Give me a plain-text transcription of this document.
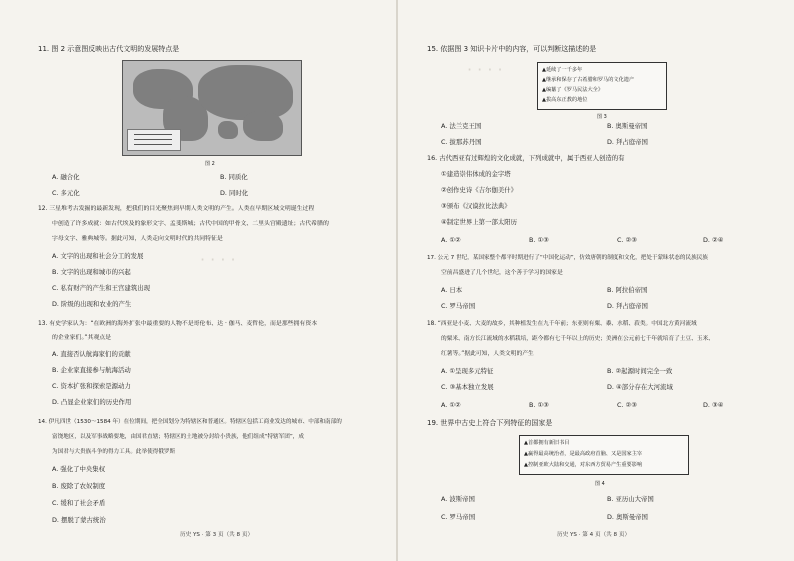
· · · ·
11. 图 2 示意图反映出古代文明的发展特点是
图 2
A. 融合化	B. 同质化
C. 多元化	D. 同时化
12. 三星堆考古发掘的最新发现，把我们的目光聚焦到早期人类文明的产生。人类在早期区域文明诞生过程
中创造了许多成就：如古代埃及的象形文字、孟斐斯城；古代中国的甲骨文、二里头宫殿遗址；古代希腊的
字母文字、雅典城等。据此可知，人类走向文明时代的共同特征是
A. 文字的出现和社会分工的发展
B. 文字的出现和城市的兴起
C. 私有财产的产生和王宫建筑出现
D. 阶级的出现和农业的产生
13. 有史学家认为：“在欧洲的海外扩张中最重要的人物不是哥伦布、达 · 伽马、麦哲伦，而是那些拥有资本
的企业家们。”其观点是
A. 直接否认航海家们的贡献
B. 企业家直接参与航海活动
C. 资本扩张和探索是源动力
D. 凸显企业家们的历史作用
14. 伊凡四世（1530～1584 年）在位期间，把全国划分为特辖区和普通区。特辖区包括工商业发达的城市、中部和南部的
富饶地区，以及军事战略要地，由国君直辖；特辖区的土地被分封给小贵族，他们组成“特辖军团”，成
为国君与大贵族斗争的得力工具。此举使得俄罗斯
A. 强化了中央集权
B. 废除了农奴制度
C. 缓和了社会矛盾
D. 摆脱了蒙古统治
历史 YS · 第 3 页（共 8 页）
· · · ·
15. 依据图 3 知识卡片中的内容，可以判断这描述的是
▲延续了一千多年
▲继承和保存了古希腊和罗马的文化遗产
▲编纂了《罗马民法大全》
▲拔高东正教的地位
图 3
A. 法兰克王国	B. 奥斯曼帝国
C. 拔那苏丹国	D. 拜占庭帝国
16. 古代西亚有过辉煌的文化成就，下列成就中，属于西亚人创造的有
①建造崇伟体成的金字塔
②创作史诗《吉尔伽美什》
③颁布《汉谟拉比法典》
④制定世界上第一部太阳历
A. ①②	B. ①③	C. ②③	D. ②④
17. 公元 7 世纪，某国家整个都平时期进行了“中国化运动”，仿效唐朝的制度和文化，把处于蒙昧状态的民族民族
空前昌盛进了几个世纪，这个善于学习的国家是
A. 日本	B. 阿拉伯帝国
C. 罗马帝国	D. 拜占庭帝国
18. “西亚是小麦、大麦的故乡，其种植发生在九千年前；东亚则有粟、黍、水稻、菽类。中国北方黄河流域
的粟米、南方长江流域的水稻栽培，距今都有七千年以上的历史；美洲在公元前七千年就培育了土豆、玉米、
红薯等。”据此可知，人类文明的产生
A. ①呈现多元特征	B. ②起源时间完全一致
C. ③基本独立发展	D. ④部分存在大河流域
A. ①②	B. ①③	C. ②③	D. ③④
19. 世界中古史上符合下列特征的国家是
▲首都拥有新旧书目
▲赢得最高统治者，是最高政府首脑、又是国家主宰
▲控制亚欧大陆和交通，对东西方贸易产生重要影响
图 4
A. 波斯帝国	B. 亚历山大帝国
C. 罗马帝国	D. 奥斯曼帝国
历史 YS · 第 4 页（共 8 页）
